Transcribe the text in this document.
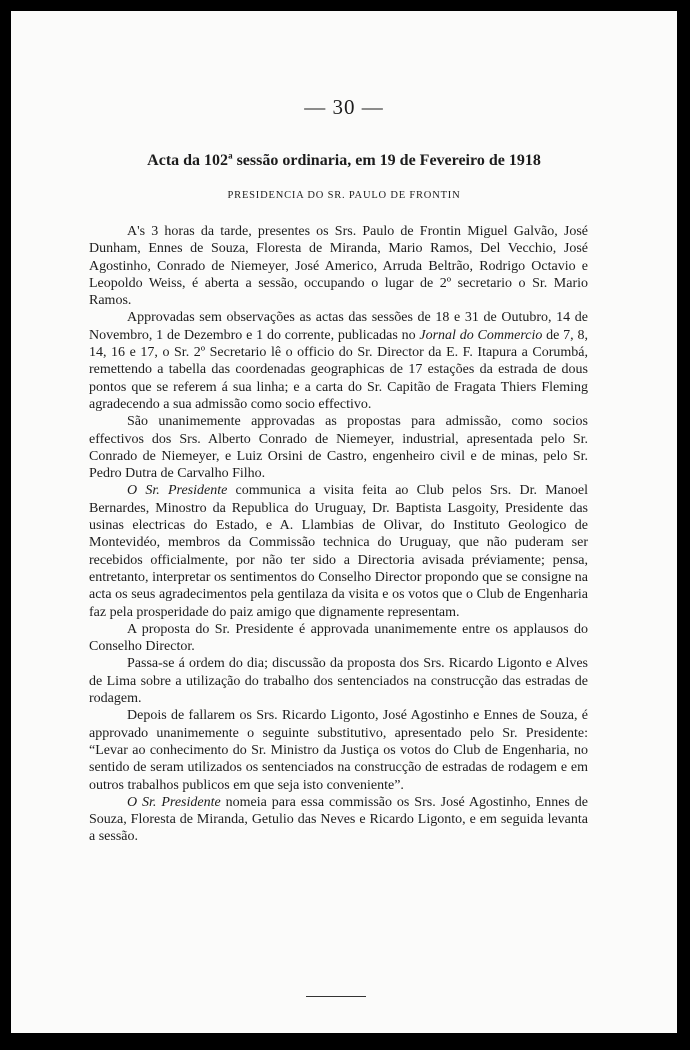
— 30 —
Acta da 102$^a$ sessão ordinaria, em 19 de Fevereiro de 1918
PRESIDENCIA DO SR. PAULO DE FRONTIN

A's 3 horas da tarde, presentes os Srs. Paulo de Frontin Miguel Galvão, José Dunham, Ennes de Souza, Floresta de Miranda, Mario Ramos, Del Vecchio, José Agostinho, Conrado de Niemeyer, José Americo, Arruda Beltrão, Rodrigo Octavio e Leopoldo Weiss, é aberta a sessão, occupando o lugar de 2º secretario o Sr. Mario Ramos.

Approvadas sem observações as actas das sessões de 18 e 31 de Outubro, 14 de Novembro, 1 de Dezembro e 1 do corrente, publicadas no Jornal do Commercio de 7, 8, 14, 16 e 17, o Sr. 2º Secretario lê o officio do Sr. Director da E. F. Itapura a Corumbá, remettendo a tabella das coordenadas geographicas de 17 estações da estrada de dous pontos que se referem á sua linha; e a carta do Sr. Capitão de Fragata Thiers Fleming agradecendo a sua admissão como socio effectivo.

São unanimemente approvadas as propostas para admissão, como socios effectivos dos Srs. Alberto Conrado de Niemeyer, industrial, apresentada pelo Sr. Conrado de Niemeyer, e Luiz Orsini de Castro, engenheiro civil e de minas, pelo Sr. Pedro Dutra de Carvalho Filho.

O Sr. Presidente communica a visita feita ao Club pelos Srs. Dr. Manoel Bernardes, Minostro da Republica do Uruguay, Dr. Baptista Lasgoity, Presidente das usinas electricas do Estado, e A. Llambias de Olivar, do Instituto Geologico de Montevidéo, membros da Commissão technica do Uruguay, que não puderam ser recebidos officialmente, por não ter sido a Directoria avisada préviamente; pensa, entretanto, interpretar os sentimentos do Conselho Director propondo que se consigne na acta os seus agradecimentos pela gentilaza da visita e os votos que o Club de Engenharia faz pela prosperidade do paiz amigo que dignamente representam.

A proposta do Sr. Presidente é approvada unanimemente entre os applausos do Conselho Director.

Passa-se á ordem do dia; discussão da proposta dos Srs. Ricardo Ligonto e Alves de Lima sobre a utilização do trabalho dos sentenciados na construcção das estradas de rodagem.

Depois de fallarem os Srs. Ricardo Ligonto, José Agostinho e Ennes de Souza, é approvado unanimemente o seguinte substitutivo, apresentado pelo Sr. Presidente: “Levar ao conhecimento do Sr. Ministro da Justiça os votos do Club de Engenharia, no sentido de seram utilizados os sentenciados na construcção de estradas de rodagem e em outros trabalhos publicos em que seja isto conveniente”.

O Sr. Presidente nomeia para essa commissão os Srs. José Agostinho, Ennes de Souza, Floresta de Miranda, Getulio das Neves e Ricardo Ligonto, e em seguida levanta a sessão.
